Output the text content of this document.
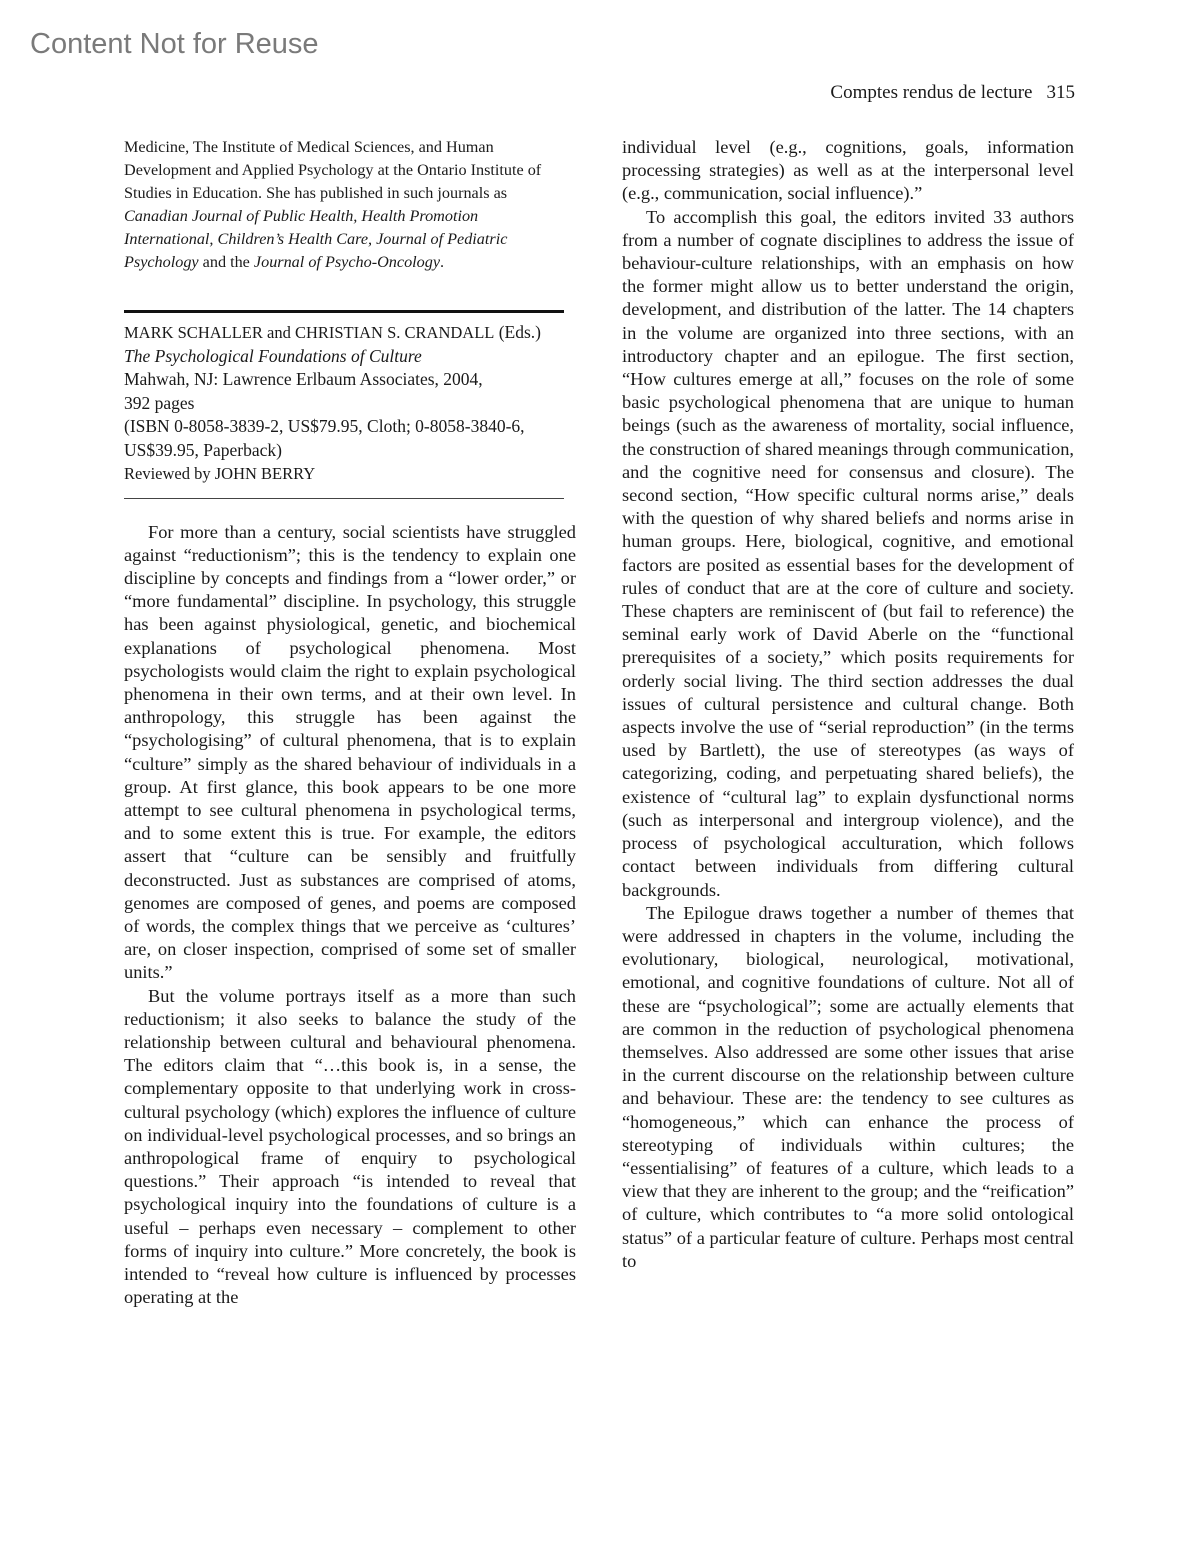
Content Not for Reuse
Comptes rendus de lecture 315

Medicine, The Institute of Medical Sciences, and Human Development and Applied Psychology at the Ontario Institute of Studies in Education. She has published in such journals as Canadian Journal of Public Health, Health Promotion International, Children’s Health Care, Journal of Pediatric Psychology and the Journal of Psycho-Oncology.

MARK SCHALLER and CHRISTIAN S. CRANDALL (Eds.)
The Psychological Foundations of Culture
Mahwah, NJ: Lawrence Erlbaum Associates, 2004,
392 pages
(ISBN 0-8058-3839-2, US$79.95, Cloth; 0-8058-3840-6, US$39.95, Paperback)
Reviewed by JOHN BERRY

For more than a century, social scientists have struggled against “reductionism”; this is the tendency to explain one discipline by concepts and findings from a “lower order,” or “more fundamental” discipline. In psychology, this struggle has been against physiological, genetic, and biochemical explanations of psychological phenomena. Most psychologists would claim the right to explain psychological phenomena in their own terms, and at their own level. In anthropology, this struggle has been against the “psychologising” of cultural phenomena, that is to explain “culture” simply as the shared behaviour of individuals in a group. At first glance, this book appears to be one more attempt to see cultural phenomena in psychological terms, and to some extent this is true. For example, the editors assert that “culture can be sensibly and fruitfully deconstructed. Just as substances are comprised of atoms, genomes are composed of genes, and poems are composed of words, the complex things that we perceive as ‘cultures’ are, on closer inspection, comprised of some set of smaller units.”

But the volume portrays itself as a more than such reductionism; it also seeks to balance the study of the relationship between cultural and behavioural phenomena. The editors claim that “…this book is, in a sense, the complementary opposite to that underlying work in cross-cultural psychology (which) explores the influence of culture on individual-level psychological processes, and so brings an anthropological frame of enquiry to psychological questions.” Their approach “is intended to reveal that psychological inquiry into the foundations of culture is a useful – perhaps even necessary – complement to other forms of inquiry into culture.” More concretely, the book is intended to “reveal how culture is influenced by processes operating at the

individual level (e.g., cognitions, goals, information processing strategies) as well as at the interpersonal level (e.g., communication, social influence).”

To accomplish this goal, the editors invited 33 authors from a number of cognate disciplines to address the issue of behaviour-culture relationships, with an emphasis on how the former might allow us to better understand the origin, development, and distribution of the latter. The 14 chapters in the volume are organized into three sections, with an introductory chapter and an epilogue. The first section, “How cultures emerge at all,” focuses on the role of some basic psychological phenomena that are unique to human beings (such as the awareness of mortality, social influence, the construction of shared meanings through communication, and the cognitive need for consensus and closure). The second section, “How specific cultural norms arise,” deals with the question of why shared beliefs and norms arise in human groups. Here, biological, cognitive, and emotional factors are posited as essential bases for the development of rules of conduct that are at the core of culture and society. These chapters are reminiscent of (but fail to reference) the seminal early work of David Aberle on the “functional prerequisites of a society,” which posits requirements for orderly social living. The third section addresses the dual issues of cultural persistence and cultural change. Both aspects involve the use of “serial reproduction” (in the terms used by Bartlett), the use of stereotypes (as ways of categorizing, coding, and perpetuating shared beliefs), the existence of “cultural lag” to explain dysfunctional norms (such as interpersonal and intergroup violence), and the process of psychological acculturation, which follows contact between individuals from differing cultural backgrounds.

The Epilogue draws together a number of themes that were addressed in chapters in the volume, including the evolutionary, biological, neurological, motivational, emotional, and cognitive foundations of culture. Not all of these are “psychological”; some are actually elements that are common in the reduction of psychological phenomena themselves. Also addressed are some other issues that arise in the current discourse on the relationship between culture and behaviour. These are: the tendency to see cultures as “homogeneous,” which can enhance the process of stereotyping of individuals within cultures; the “essentialising” of features of a culture, which leads to a view that they are inherent to the group; and the “reification” of culture, which contributes to “a more solid ontological status” of a particular feature of culture. Perhaps most central to
